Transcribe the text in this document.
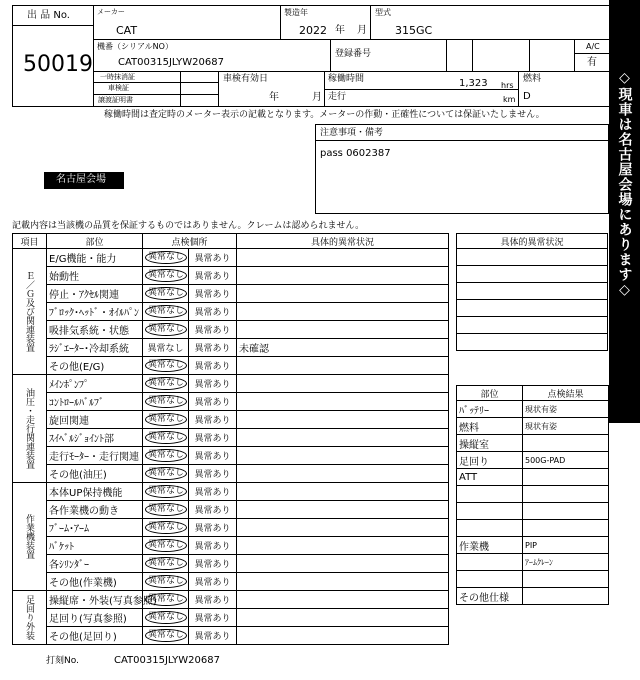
出 品 No.
50019
メーカー
CAT
製造年
2022 年 月
型式
315GC
機番（シリアルNO）
CAT00315JLYW20687
登録番号
A/C
有
一時抹消証
車検証
譲渡証明書
車検有効日
年	月
稼働時間	1,323 hrs
走行	km
燃料
D
稼働時間は査定時のメーター表示の記載となります。メーターの作動・正確性については保証いたしません。
注意事項・備考
pass 0602387
名古屋会場	◇現車は名古屋会場にあります◇
記載内容は当該機の品質を保証するものではありません。クレームは認められません。
項目	部位	点検個所		具体的異常状況
Ｅ／Ｇ及び関連装置	E/G機能・能力	異常なし	異常あり	
	始動性	異常なし	異常あり	
	停止・ｱｸｾﾙ関連	異常なし	異常あり	
	ﾌﾞﾛｯｸ･ﾍｯﾄﾞ・ｵｲﾙﾊﾟﾝ	異常なし	異常あり	
	吸排気系統・状態	異常なし	異常あり	
	ﾗｼﾞｴｰﾀｰ･冷却系統	異常なし	異常あり	未確認
	その他(E/G)	異常なし	異常あり	
油圧・走行関連装置	ﾒｲﾝﾎﾟﾝﾌﾟ	異常なし	異常あり	
	ｺﾝﾄﾛｰﾙﾊﾞﾙﾌﾞ	異常なし	異常あり	
	旋回関連	異常なし	異常あり	
	ｽｲﾍﾞﾙｼﾞｮｲﾝﾄ部	異常なし	異常あり	
	走行ﾓｰﾀｰ・走行関連	異常なし	異常あり	
	その他(油圧)	異常なし	異常あり	
作業機装置	本体UP保持機能	異常なし	異常あり	
	各作業機の動き	異常なし	異常あり	
	ﾌﾞｰﾑ･ｱｰﾑ	異常なし	異常あり	
	ﾊﾞｹｯﾄ	異常なし	異常あり	
	各ｼﾘﾝﾀﾞｰ	異常なし	異常あり	
	その他(作業機)	異常なし	異常あり	
足回り外装	操縦席・外装(写真参照)	異常なし	異常あり	
	足回り(写真参照)	異常なし	異常あり	
	その他(足回り)	異常なし	異常あり	
具体的異常状況

部位	点検結果
ﾊﾞｯﾃﾘｰ	現状有姿
燃料	現状有姿
操縦室	
足回り	500G-PAD
ATT	

作業機	PIP
	ｱｰﾑｸﾚｰﾝ

その他仕様	
打刻No.	CAT00315JLYW20687
